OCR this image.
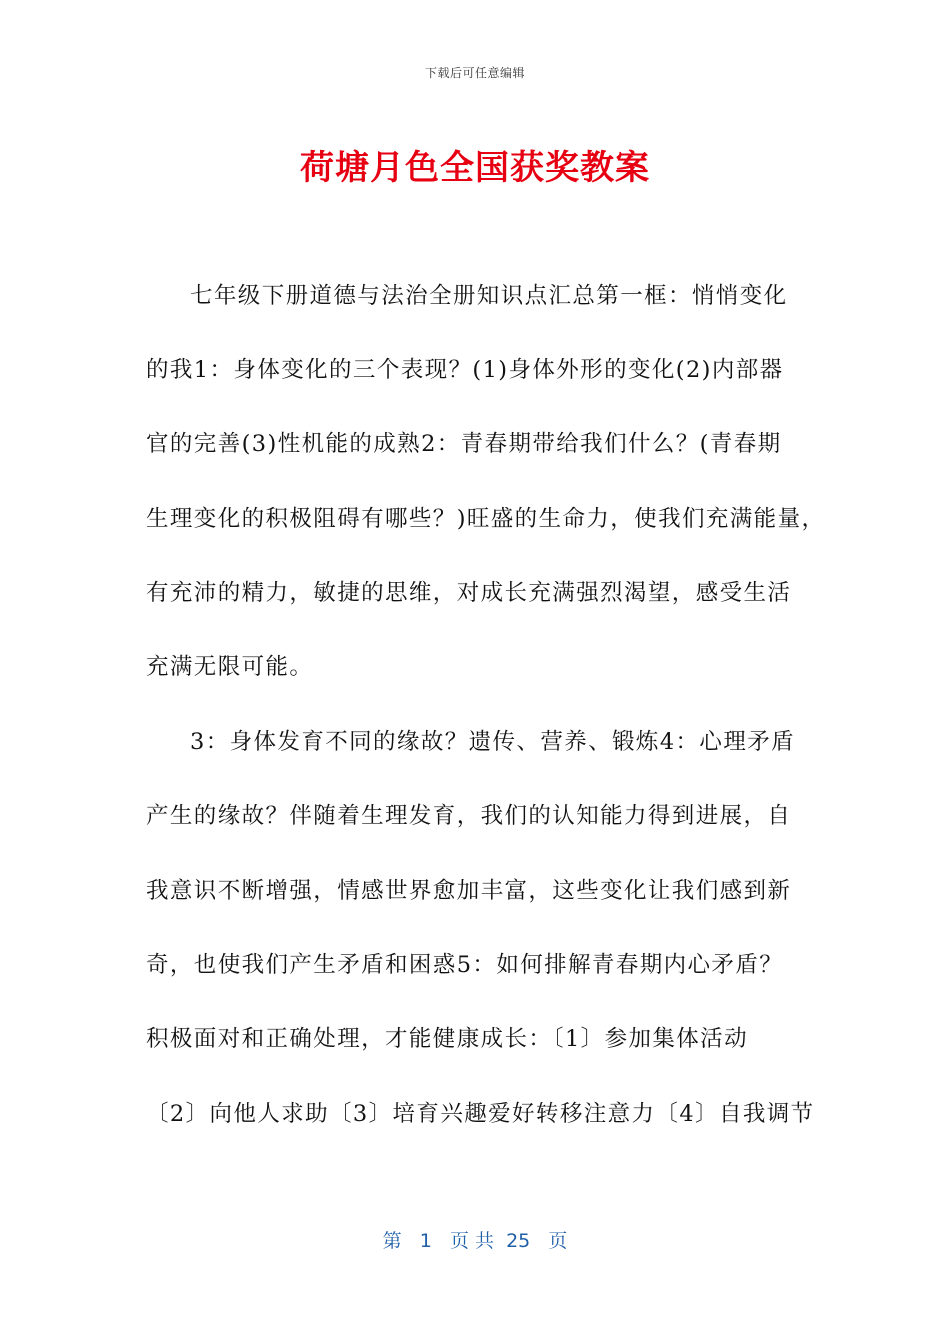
下载后可任意编辑
荷塘月色全国获奖教案
七年级下册道德与法治全册知识点汇总第一框：悄悄变化
的我1：身体变化的三个表现？(1)身体外形的变化(2)内部器
官的完善(3)性机能的成熟2：青春期带给我们什么？(青春期
生理变化的积极阻碍有哪些？)旺盛的生命力，使我们充满能量，
有充沛的精力，敏捷的思维，对成长充满强烈渴望，感受生活
充满无限可能。
3：身体发育不同的缘故？遗传、营养、锻炼4：心理矛盾
产生的缘故？伴随着生理发育，我们的认知能力得到进展，自
我意识不断增强，情感世界愈加丰富，这些变化让我们感到新
奇，也使我们产生矛盾和困惑5：如何排解青春期内心矛盾？
积极面对和正确处理，才能健康成长：〔1〕参加集体活动
〔2〕向他人求助〔3〕培育兴趣爱好转移注意力〔4〕自我调节
第 1 页 共 25 页
